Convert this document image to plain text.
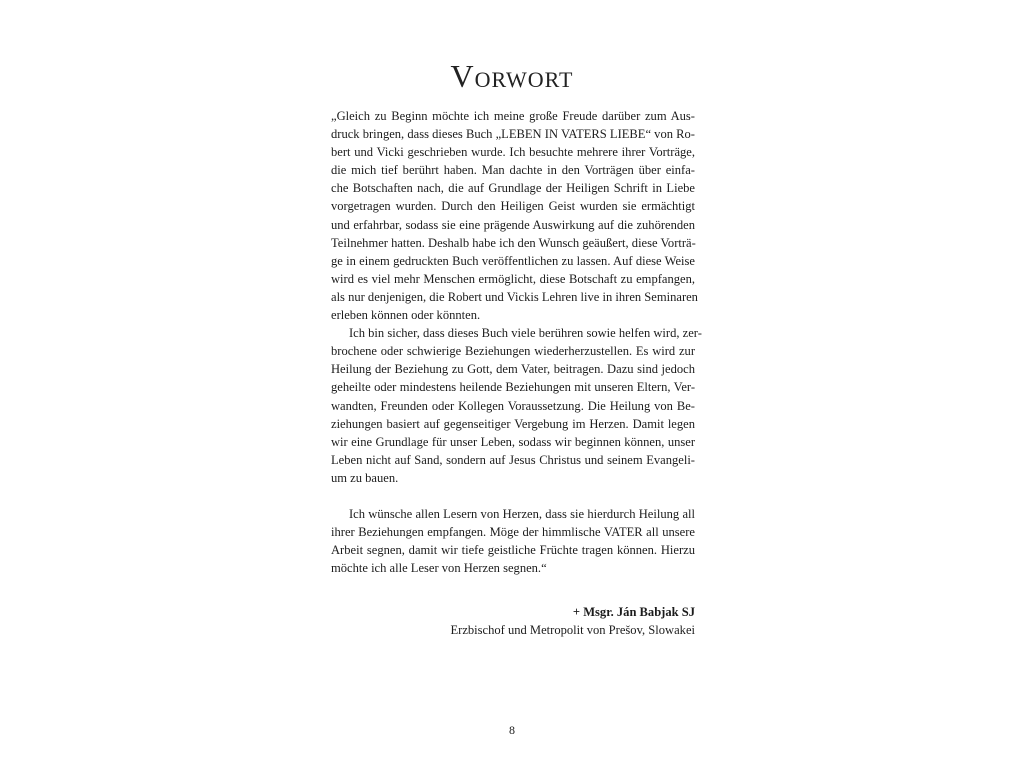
Vorwort
„Gleich zu Beginn möchte ich meine große Freude darüber zum Aus-
druck bringen, dass dieses Buch „LEBEN IN VATERS LIEBE“ von Ro-
bert und Vicki geschrieben wurde. Ich besuchte mehrere ihrer Vorträge,
die mich tief berührt haben. Man dachte in den Vorträgen über einfa-
che Botschaften nach, die auf Grundlage der Heiligen Schrift in Liebe
vorgetragen wurden. Durch den Heiligen Geist wurden sie ermächtigt
und erfahrbar, sodass sie eine prägende Auswirkung auf die zuhörenden
Teilnehmer hatten. Deshalb habe ich den Wunsch geäußert, diese Vorträ-
ge in einem gedruckten Buch veröffentlichen zu lassen. Auf diese Weise
wird es viel mehr Menschen ermöglicht, diese Botschaft zu empfangen,
als nur denjenigen, die Robert und Vickis Lehren live in ihren Seminaren
erleben können oder könnten.
Ich bin sicher, dass dieses Buch viele berühren sowie helfen wird, zer-
brochene oder schwierige Beziehungen wiederherzustellen. Es wird zur
Heilung der Beziehung zu Gott, dem Vater, beitragen. Dazu sind jedoch
geheilte oder mindestens heilende Beziehungen mit unseren Eltern, Ver-
wandten, Freunden oder Kollegen Voraussetzung. Die Heilung von Be-
ziehungen basiert auf gegenseitiger Vergebung im Herzen. Damit legen
wir eine Grundlage für unser Leben, sodass wir beginnen können, unser
Leben nicht auf Sand, sondern auf Jesus Christus und seinem Evangeli-
um zu bauen.
Ich wünsche allen Lesern von Herzen, dass sie hierdurch Heilung all
ihrer Beziehungen empfangen. Möge der himmlische VATER all unsere
Arbeit segnen, damit wir tiefe geistliche Früchte tragen können. Hierzu
möchte ich alle Leser von Herzen segnen.“
+ Msgr. Ján Babjak SJ
Erzbischof und Metropolit von Prešov, Slowakei
8
